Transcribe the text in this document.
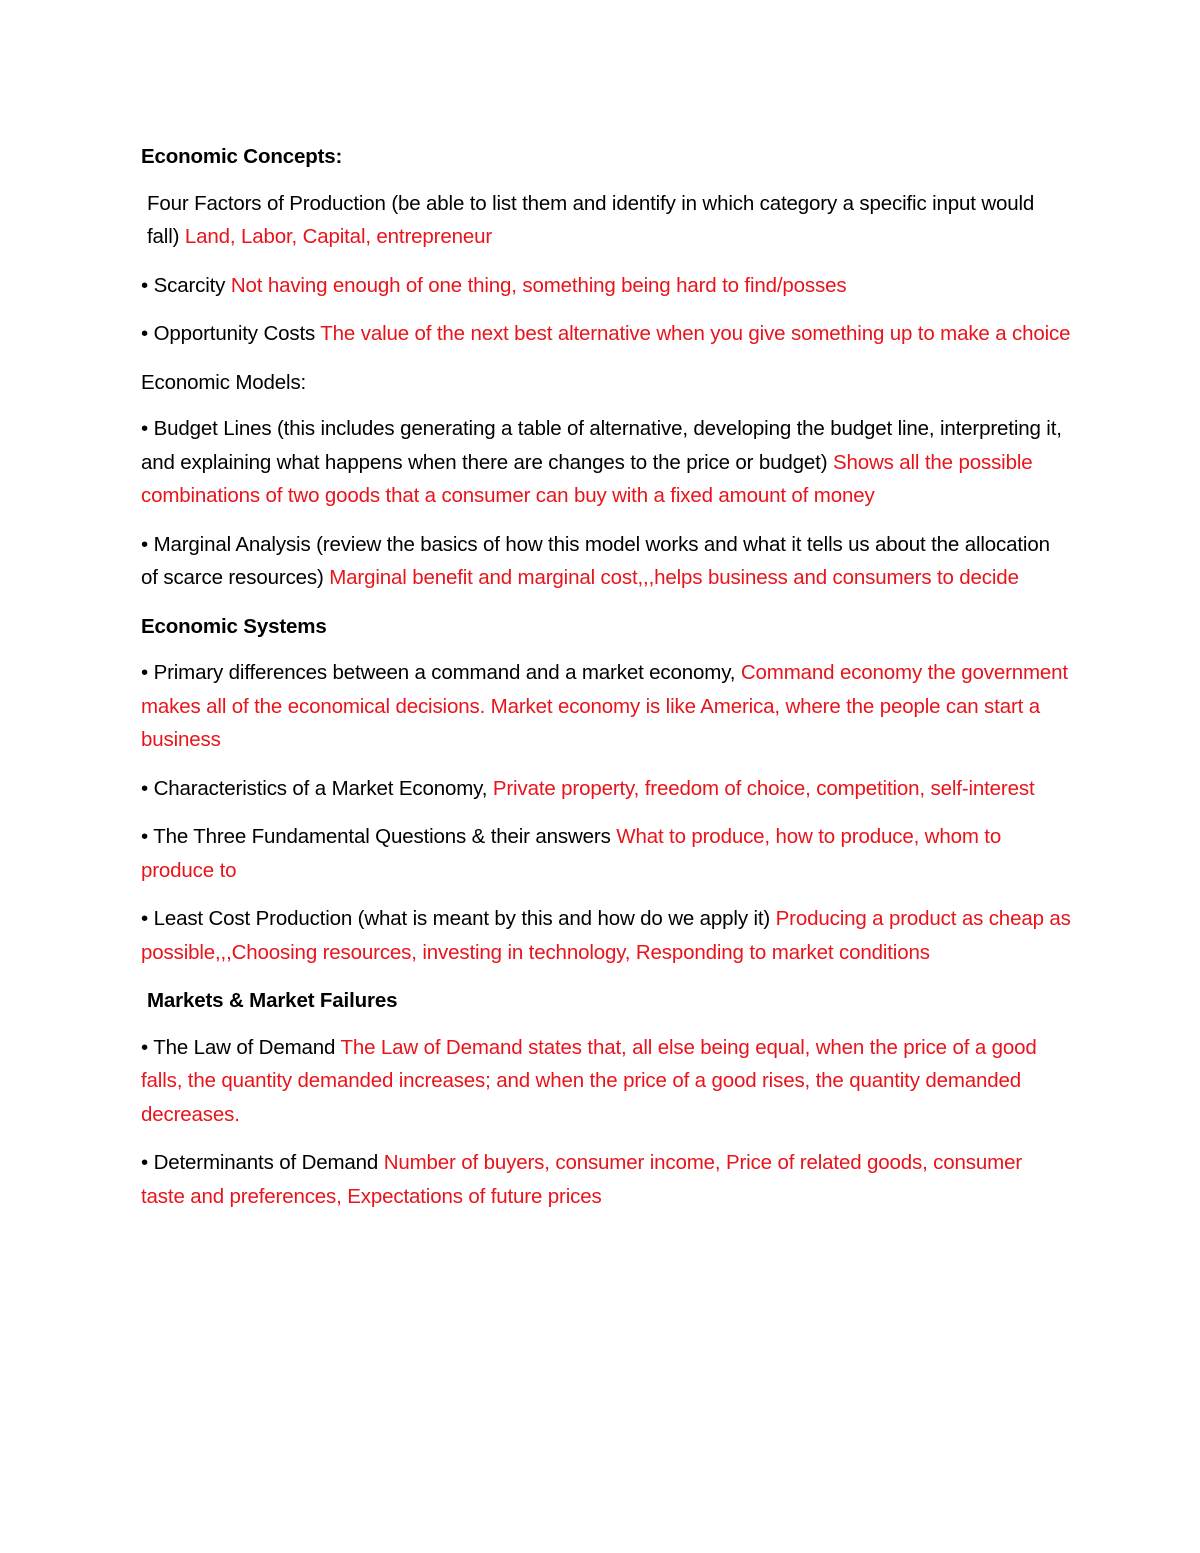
Economic Concepts:

Four Factors of Production (be able to list them and identify in which category a specific input would fall) Land, Labor, Capital, entrepreneur

• Scarcity Not having enough of one thing, something being hard to find/posses

• Opportunity Costs The value of the next best alternative when you give something up to make a choice

Economic Models:

• Budget Lines (this includes generating a table of alternative, developing the budget line, interpreting it, and explaining what happens when there are changes to the price or budget) Shows all the possible combinations of two goods that a consumer can buy with a fixed amount of money

• Marginal Analysis (review the basics of how this model works and what it tells us about the allocation of scarce resources) Marginal benefit and marginal cost,,,helps business and consumers to decide

Economic Systems

• Primary differences between a command and a market economy, Command economy the government makes all of the economical decisions. Market economy is like America, where the people can start a business

• Characteristics of a Market Economy, Private property, freedom of choice, competition, self-interest

• The Three Fundamental Questions & their answers What to produce, how to produce, whom to produce to

• Least Cost Production (what is meant by this and how do we apply it) Producing a product as cheap as possible,,,Choosing resources, investing in technology, Responding to market conditions

Markets & Market Failures

• The Law of Demand The Law of Demand states that, all else being equal, when the price of a good falls, the quantity demanded increases; and when the price of a good rises, the quantity demanded decreases.

• Determinants of Demand Number of buyers, consumer income, Price of related goods, consumer taste and preferences, Expectations of future prices
